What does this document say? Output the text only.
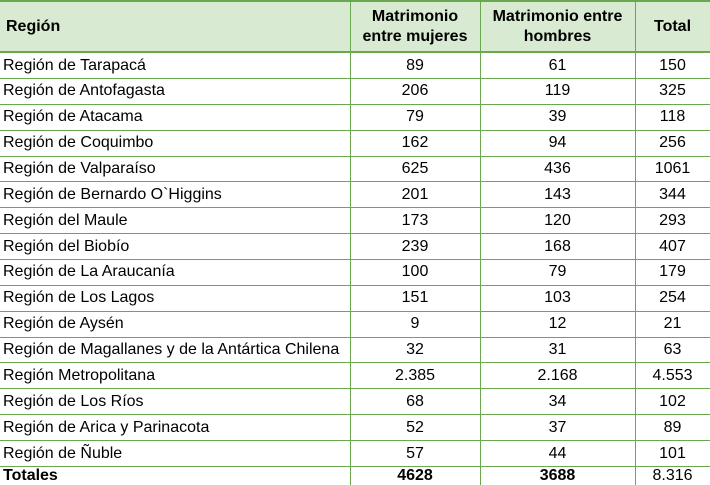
Región	Matrimonio entre mujeres	Matrimonio entre hombres	Total
Región de Tarapacá	89	61	150
Región de Antofagasta	206	119	325
Región de Atacama	79	39	118
Región de Coquimbo	162	94	256
Región de Valparaíso	625	436	1061
Región de Bernardo O`Higgins	201	143	344
Región del Maule	173	120	293
Región del Biobío	239	168	407
Región de La Araucanía	100	79	179
Región de Los Lagos	151	103	254
Región de Aysén	9	12	21
Región de Magallanes y de la Antártica Chilena	32	31	63
Región Metropolitana	2.385	2.168	4.553
Región de Los Ríos	68	34	102
Región de Arica y Parinacota	52	37	89
Región de Ñuble	57	44	101
Totales	4628	3688	8.316
